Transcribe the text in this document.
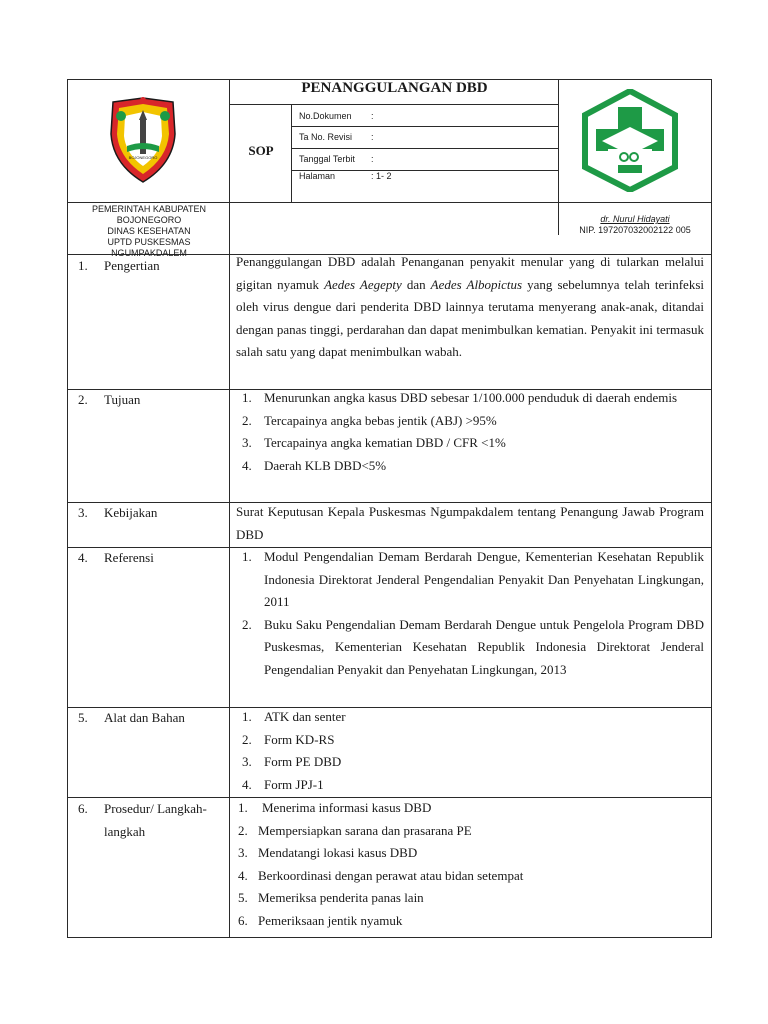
PENANGGULANGAN DBD
SOP
No.Dokumen :
Ta No. Revisi :
Tanggal Terbit :
Halaman	: 1- 2
BOJONEGORO
PEMERINTAH KABUPATEN
BOJONEGORO
DINAS KESEHATAN
UPTD PUSKESMAS
NGUMPAKDALEM
dr. Nurul Hidayati
NIP. 197207032002122 005
1.	Pengertian	Penanggulangan DBD adalah Penanganan penyakit menular yang di tularkan melalui gigitan nyamuk Aedes Aegepty dan Aedes Albopictus yang sebelumnya telah terinfeksi oleh virus dengue dari penderita DBD lainnya terutama menyerang anak-anak, ditandai dengan panas tinggi, perdarahan dan dapat menimbulkan kematian. Penyakit ini termasuk salah satu yang dapat menimbulkan wabah.
2.	Tujuan	1. Menurunkan angka kasus DBD sebesar 1/100.000 penduduk di daerah endemis
2. Tercapainya angka bebas jentik (ABJ) >95%
3. Tercapainya angka kematian DBD / CFR <1%
4. Daerah KLB DBD<5%
3.	Kebijakan	Surat Keputusan Kepala Puskesmas Ngumpakdalem tentang Penangung Jawab Program DBD
4.	Referensi	1. Modul Pengendalian Demam Berdarah Dengue, Kementerian Kesehatan Republik Indonesia Direktorat Jenderal Pengendalian Penyakit Dan Penyehatan Lingkungan, 2011
2. Buku Saku Pengendalian Demam Berdarah Dengue untuk Pengelola Program DBD Puskesmas, Kementerian Kesehatan Republik Indonesia Direktorat Jenderal Pengendalian Penyakit dan Penyehatan Lingkungan, 2013
5.	Alat dan Bahan	1. ATK dan senter
2. Form KD-RS
3. Form PE DBD
4. Form JPJ-1
6.	Prosedur/ Langkah-langkah
1.	Menerima informasi kasus DBD
2. Mempersiapkan sarana dan prasarana PE
3. Mendatangi lokasi kasus DBD
4. Berkoordinasi dengan perawat atau bidan setempat
5. Memeriksa penderita panas lain
6. Pemeriksaan jentik nyamuk
